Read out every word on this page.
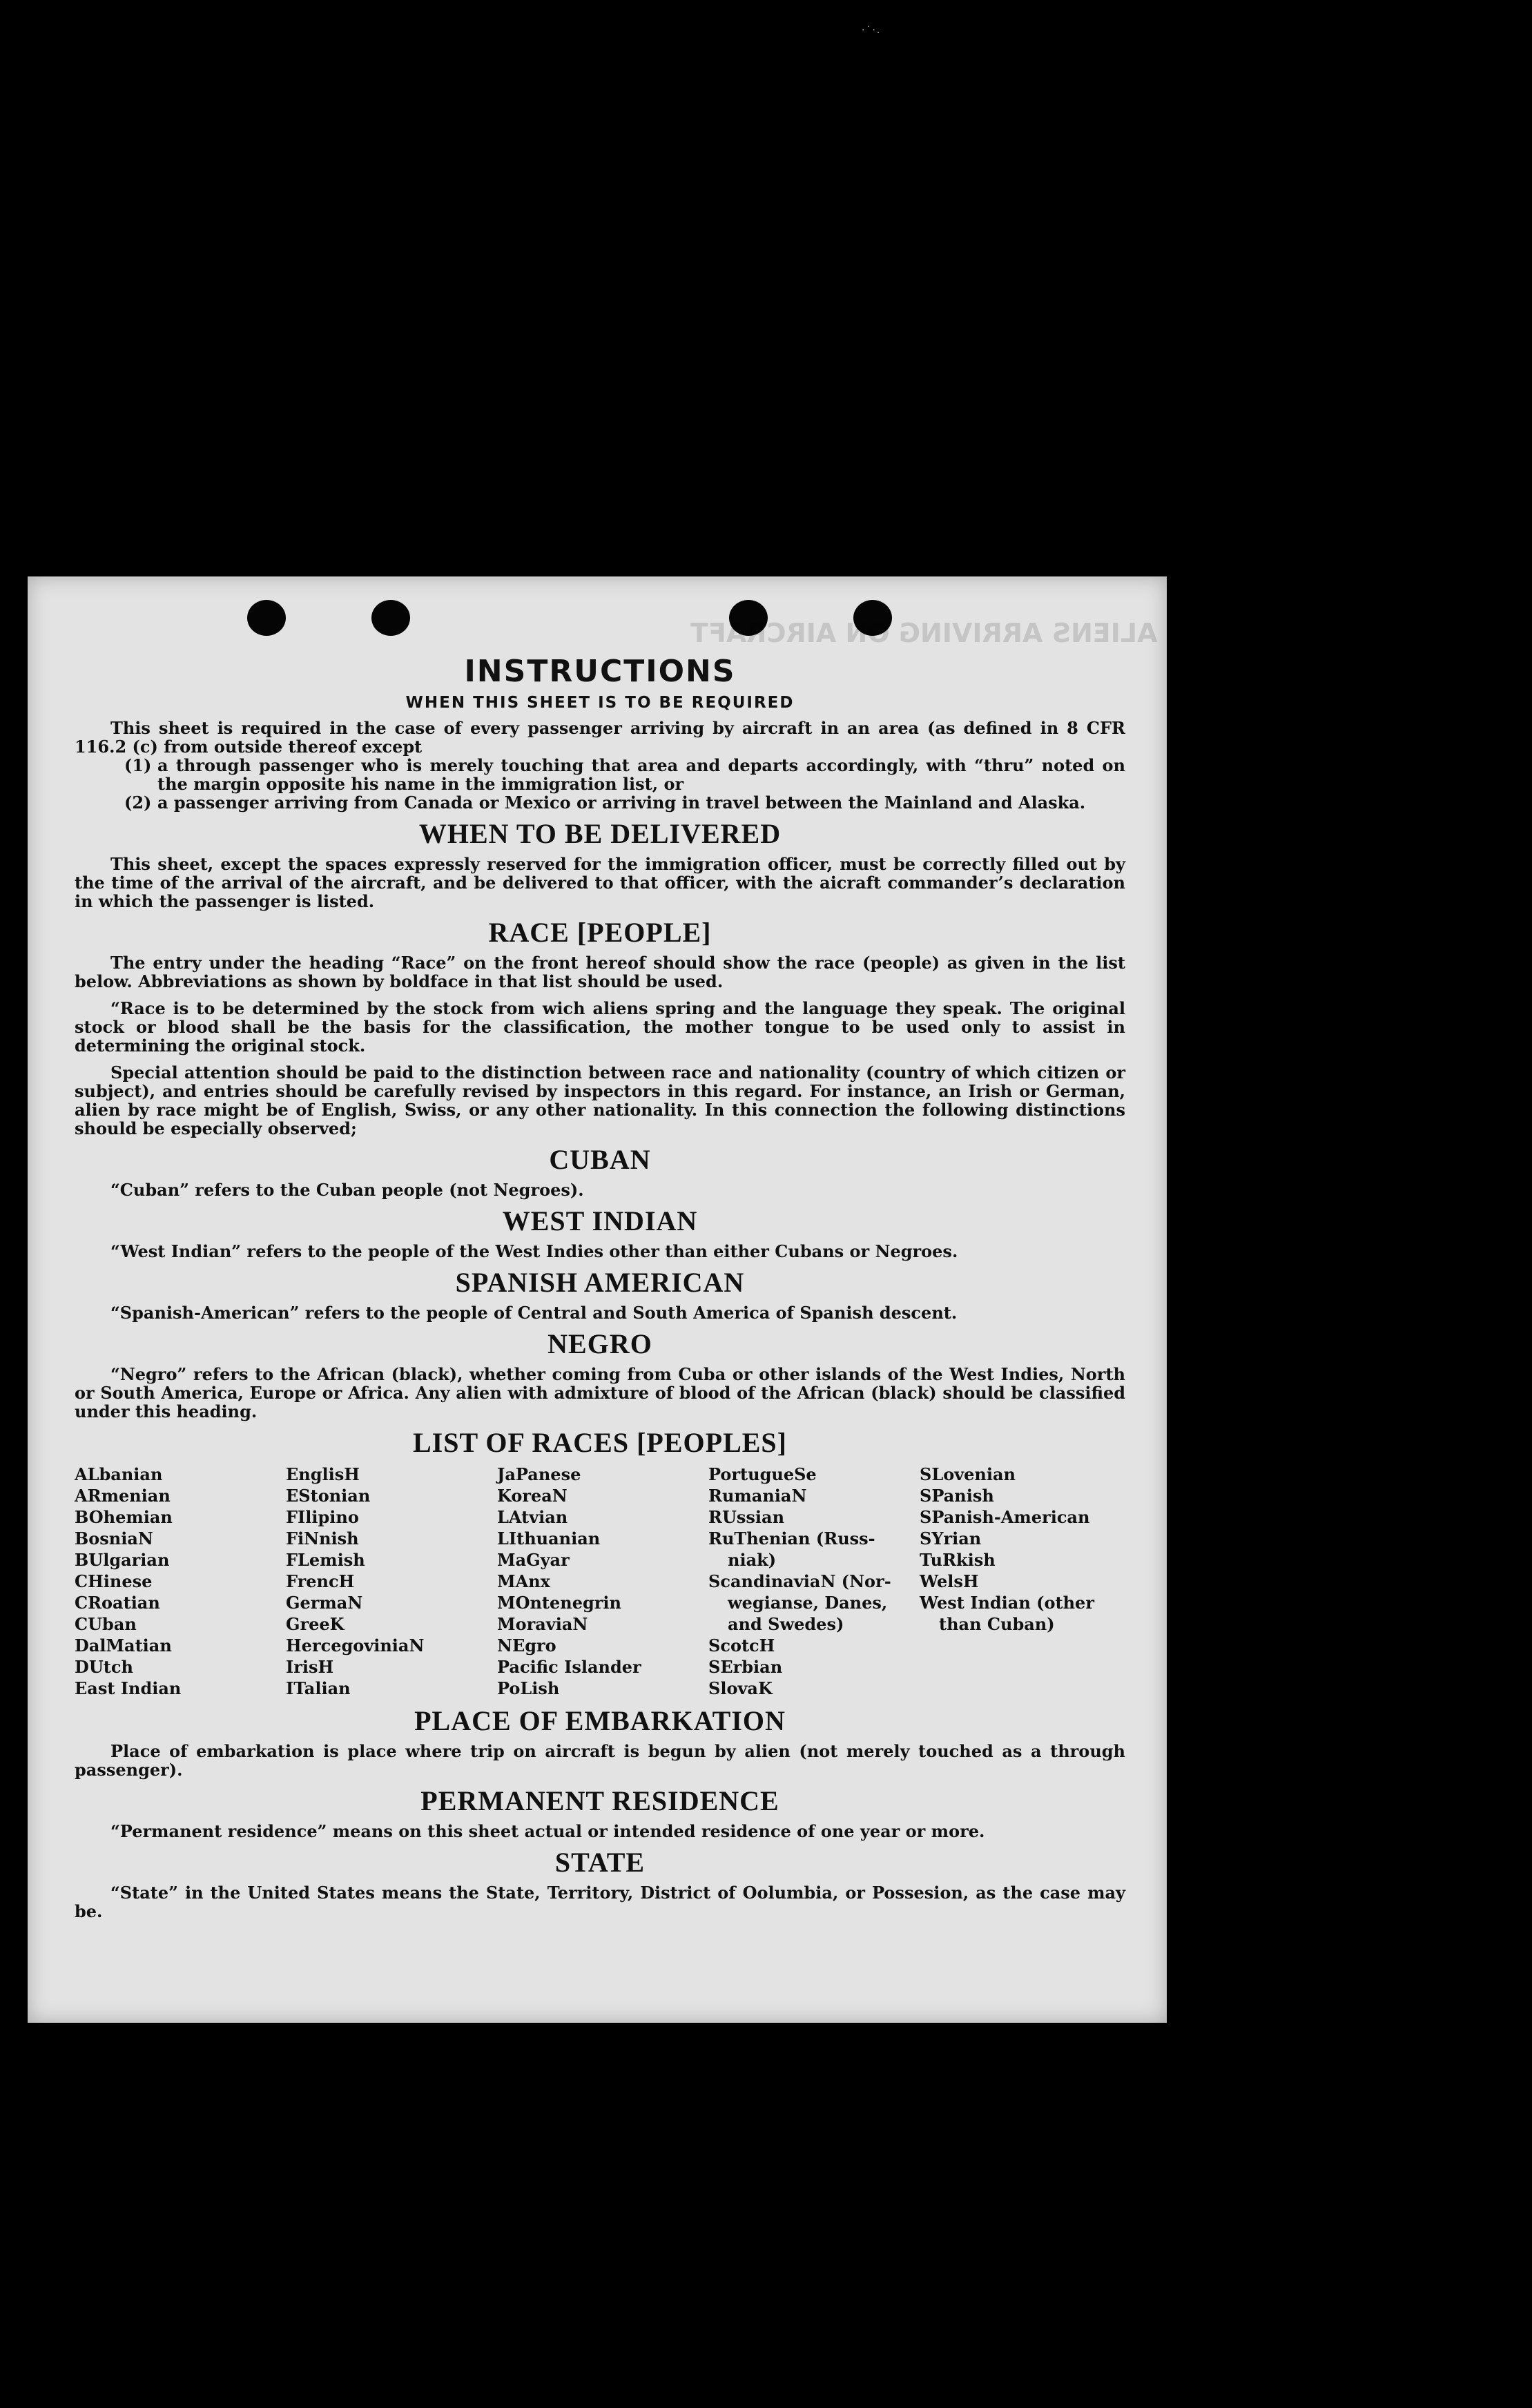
·˙·.
INFORMATION SHEET ON ALIENS ARRIVING ON AIRCRAFT
INSTRUCTIONS
WHEN THIS SHEET IS TO BE REQUIRED

This sheet is required in the case of every passenger arriving by aircraft in an area (as defined in 8 CFR 116.2 (c) from outside thereof except

(1) a through passenger who is merely touching that area and departs accordingly, with “thru” noted on the margin opposite his name in the immigration list, or
(2) a passenger arriving from Canada or Mexico or arriving in travel between the Mainland and Alaska.
WHEN TO BE DELIVERED

This sheet, except the spaces expressly reserved for the immigration officer, must be correctly filled out by the time of the arrival of the aircraft, and be delivered to that officer, with the aicraft commander’s declaration in which the passenger is listed.

RACE [PEOPLE]

The entry under the heading “Race” on the front hereof should show the race (people) as given in the list below. Abbreviations as shown by boldface in that list should be used.

“Race is to be determined by the stock from wich aliens spring and the language they speak. The original stock or blood shall be the basis for the classification, the mother tongue to be used only to assist in determining the original stock.

Special attention should be paid to the distinction between race and nationality (country of which citizen or subject), and entries should be carefully revised by inspectors in this regard. For instance, an Irish or German, alien by race might be of English, Swiss, or any other nationality. In this connection the following distinctions should be especially observed;

CUBAN

“Cuban” refers to the Cuban people (not Negroes).

WEST INDIAN

“West Indian” refers to the people of the West Indies other than either Cubans or Negroes.

SPANISH AMERICAN

“Spanish-American” refers to the people of Central and South America of Spanish descent.

NEGRO

“Negro” refers to the African (black), whether coming from Cuba or other islands of the West Indies, North or South America, Europe or Africa. Any alien with admixture of blood of the African (black) should be classified under this heading.

LIST OF RACES [PEOPLES]
ALbanian
ARmenian
BOhemian
BosniaN
BUlgarian
CHinese
CRoatian
CUban
DalMatian
DUtch
East Indian
EnglisH
EStonian
FIlipino
FiNnish
FLemish
FrencH
GermaN
GreeK
HercegoviniaN
IrisH
ITalian
JaPanese
KoreaN
LAtvian
LIthuanian
MaGyar
MAnx
MOntenegrin
MoraviaN
NEgro
Pacific Islander
PoLish
PortugueSe
RumaniaN
RUssian
RuThenian (Russ-
niak)
ScandinaviaN (Nor-
wegianse, Danes,
and Swedes)
ScotcH
SErbian
SlovaK
SLovenian
SPanish
SPanish-American
SYrian
TuRkish
WelsH
West Indian (other
than Cuban)
PLACE OF EMBARKATION

Place of embarkation is place where trip on aircraft is begun by alien (not merely touched as a through passenger).

PERMANENT RESIDENCE

“Permanent residence” means on this sheet actual or intended residence of one year or more.

STATE

“State” in the United States means the State, Territory, District of Oolumbia, or Possesion, as the case may be.
